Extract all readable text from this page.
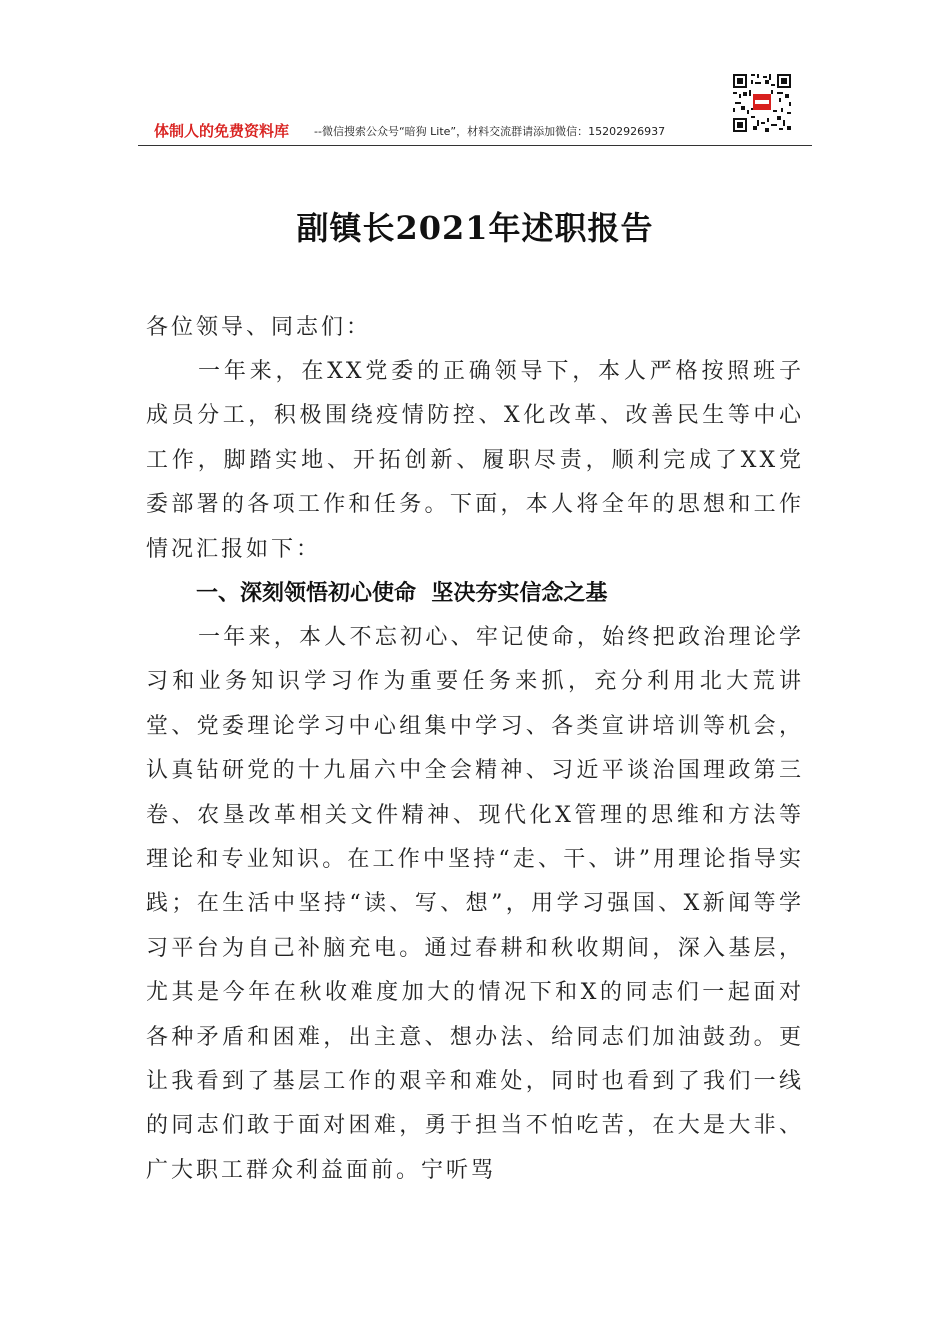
体制人的免费资料库 --微信搜索公众号“暗狗 Lite”，材料交流群请添加微信：15202926937
副镇长2021年述职报告
各位领导、同志们：
一年来，在XX党委的正确领导下，本人严格按照班子成员分工，积极围绕疫情防控、X化改革、改善民生等中心工作，脚踏实地、开拓创新、履职尽责，顺利完成了XX党委部署的各项工作和任务。下面，本人将全年的思想和工作情况汇报如下：
一、深刻领悟初心使命  坚决夯实信念之基
一年来，本人不忘初心、牢记使命，始终把政治理论学习和业务知识学习作为重要任务来抓，充分利用北大荒讲堂、党委理论学习中心组集中学习、各类宣讲培训等机会，认真钻研党的十九届六中全会精神、习近平谈治国理政第三卷、农垦改革相关文件精神、现代化X管理的思维和方法等理论和专业知识。在工作中坚持“走、干、讲”用理论指导实践；在生活中坚持“读、写、想”，用学习强国、X新闻等学习平台为自己补脑充电。通过春耕和秋收期间，深入基层，尤其是今年在秋收难度加大的情况下和X的同志们一起面对各种矛盾和困难，出主意、想办法、给同志们加油鼓劲。更让我看到了基层工作的艰辛和难处，同时也看到了我们一线的同志们敢于面对困难，勇于担当不怕吃苦，在大是大非、广大职工群众利益面前。宁听骂
